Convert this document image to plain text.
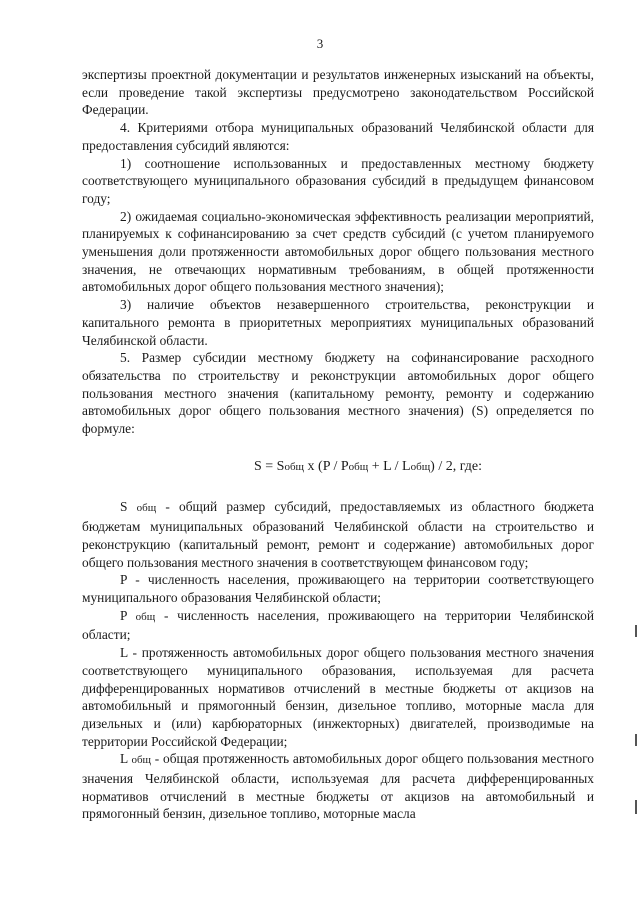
3

экспертизы проектной документации и результатов инженерных изысканий на объекты, если проведение такой экспертизы предусмотрено законодательством Российской Федерации.

4. Критериями отбора муниципальных образований Челябинской области для предоставления субсидий являются:

1) соотношение использованных и предоставленных местному бюджету соответствующего муниципального образования субсидий в предыдущем финансовом году;

2) ожидаемая социально-экономическая эффективность реализации мероприятий, планируемых к софинансированию за счет средств субсидий (с учетом планируемого уменьшения доли протяженности автомобильных дорог общего пользования местного значения, не отвечающих нормативным требованиям, в общей протяженности автомобильных дорог общего пользования местного значения);

3) наличие объектов незавершенного строительства, реконструкции и капитального ремонта в приоритетных мероприятиях муниципальных образований Челябинской области.

5. Размер субсидии местному бюджету на софинансирование расходного обязательства по строительству и реконструкции автомобильных дорог общего пользования местного значения (капитальному ремонту, ремонту и содержанию автомобильных дорог общего пользования местного значения) (S) определяется по формуле:

S = Sобщ х (P / Pобщ + L / Lобщ) / 2, где:

S общ - общий размер субсидий, предоставляемых из областного бюджета бюджетам муниципальных образований Челябинской области на строительство и реконструкцию (капитальный ремонт, ремонт и содержание) автомобильных дорог общего пользования местного значения в соответствующем финансовом году;

P - численность населения, проживающего на территории соответствующего муниципального образования Челябинской области;

P общ - численность населения, проживающего на территории Челябинской области;

L - протяженность автомобильных дорог общего пользования местного значения соответствующего муниципального образования, используемая для расчета дифференцированных нормативов отчислений в местные бюджеты от акцизов на автомобильный и прямогонный бензин, дизельное топливо, моторные масла для дизельных и (или) карбюраторных (инжекторных) двигателей, производимые на территории Российской Федерации;

L общ - общая протяженность автомобильных дорог общего пользования местного значения Челябинской области, используемая для расчета дифференцированных нормативов отчислений в местные бюджеты от акцизов на автомобильный и прямогонный бензин, дизельное топливо, моторные масла
